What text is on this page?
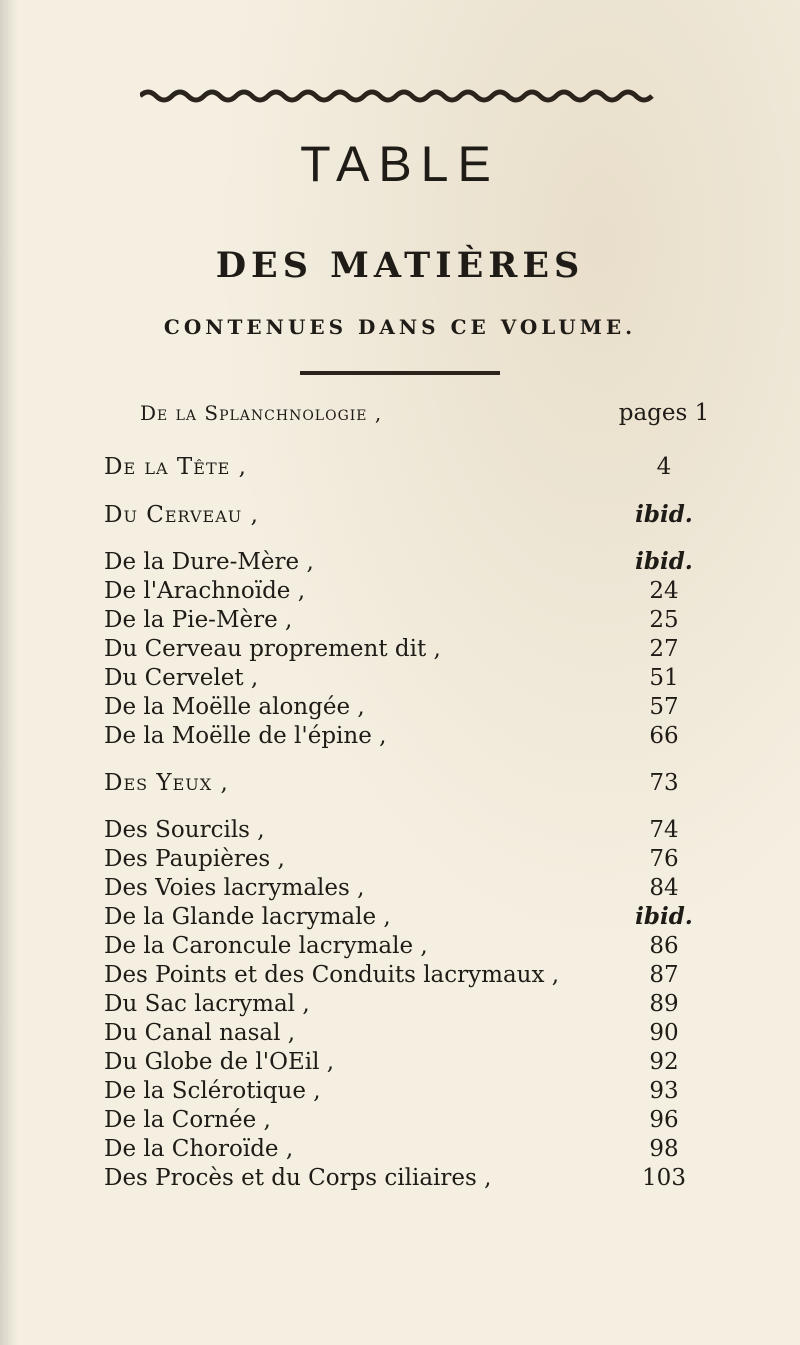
TABLE
DES MATIÈRES
CONTENUES DANS CE VOLUME.
De la Splanchnologie ,	pages 1
De la Tête ,	4
Du Cerveau ,	ibid.
De la Dure-Mère ,	ibid.
De l'Arachnoïde ,	24
De la Pie-Mère ,	25
Du Cerveau proprement dit ,	27
Du Cervelet ,	51
De la Moëlle alongée ,	57
De la Moëlle de l'épine ,	66
Des Yeux ,	73
Des Sourcils ,	74
Des Paupières ,	76
Des Voies lacrymales ,	84
De la Glande lacrymale ,	ibid.
De la Caroncule lacrymale ,	86
Des Points et des Conduits lacrymaux ,	87
Du Sac lacrymal ,	89
Du Canal nasal ,	90
Du Globe de l'OEil ,	92
De la Sclérotique ,	93
De la Cornée ,	96
De la Choroïde ,	98
Des Procès et du Corps ciliaires ,	103
